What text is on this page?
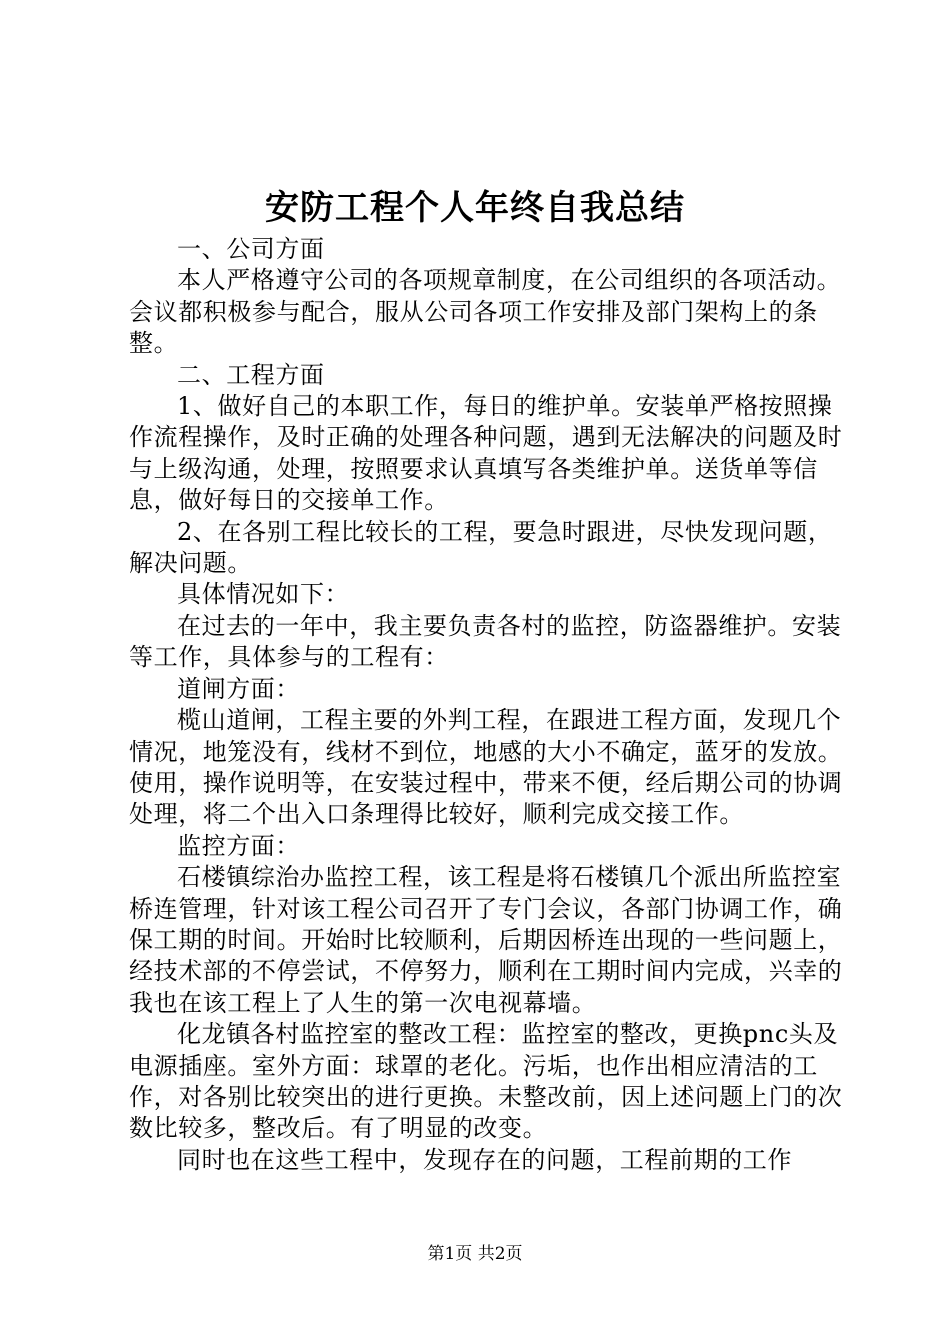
安防工程个人年终自我总结

一、公司方面

本人严格遵守公司的各项规章制度，在公司组织的各项活动。会议都积极参与配合，服从公司各项工作安排及部门架构上的条整。

二、工程方面

1、做好自己的本职工作，每日的维护单。安装单严格按照操作流程操作，及时正确的处理各种问题，遇到无法解决的问题及时与上级沟通，处理，按照要求认真填写各类维护单。送货单等信息，做好每日的交接单工作。

2、在各别工程比较长的工程，要急时跟进，尽快发现问题，解决问题。

具体情况如下：

在过去的一年中，我主要负责各村的监控，防盗器维护。安装等工作，具体参与的工程有：

道闸方面：

榄山道闸，工程主要的外判工程，在跟进工程方面，发现几个情况，地笼没有，线材不到位，地感的大小不确定，蓝牙的发放。使用，操作说明等，在安装过程中，带来不便，经后期公司的协调处理，将二个出入口条理得比较好，顺利完成交接工作。

监控方面：

石楼镇综治办监控工程，该工程是将石楼镇几个派出所监控室桥连管理，针对该工程公司召开了专门会议，各部门协调工作，确保工期的时间。开始时比较顺利，后期因桥连出现的一些问题上，经技术部的不停尝试，不停努力，顺利在工期时间内完成，兴幸的我也在该工程上了人生的第一次电视幕墙。

化龙镇各村监控室的整改工程：监控室的整改，更换pnc头及电源插座。室外方面：球罩的老化。污垢，也作出相应清洁的工作，对各别比较突出的进行更换。未整改前，因上述问题上门的次数比较多，整改后。有了明显的改变。

同时也在这些工程中，发现存在的问题，工程前期的工作

第1页 共2页
